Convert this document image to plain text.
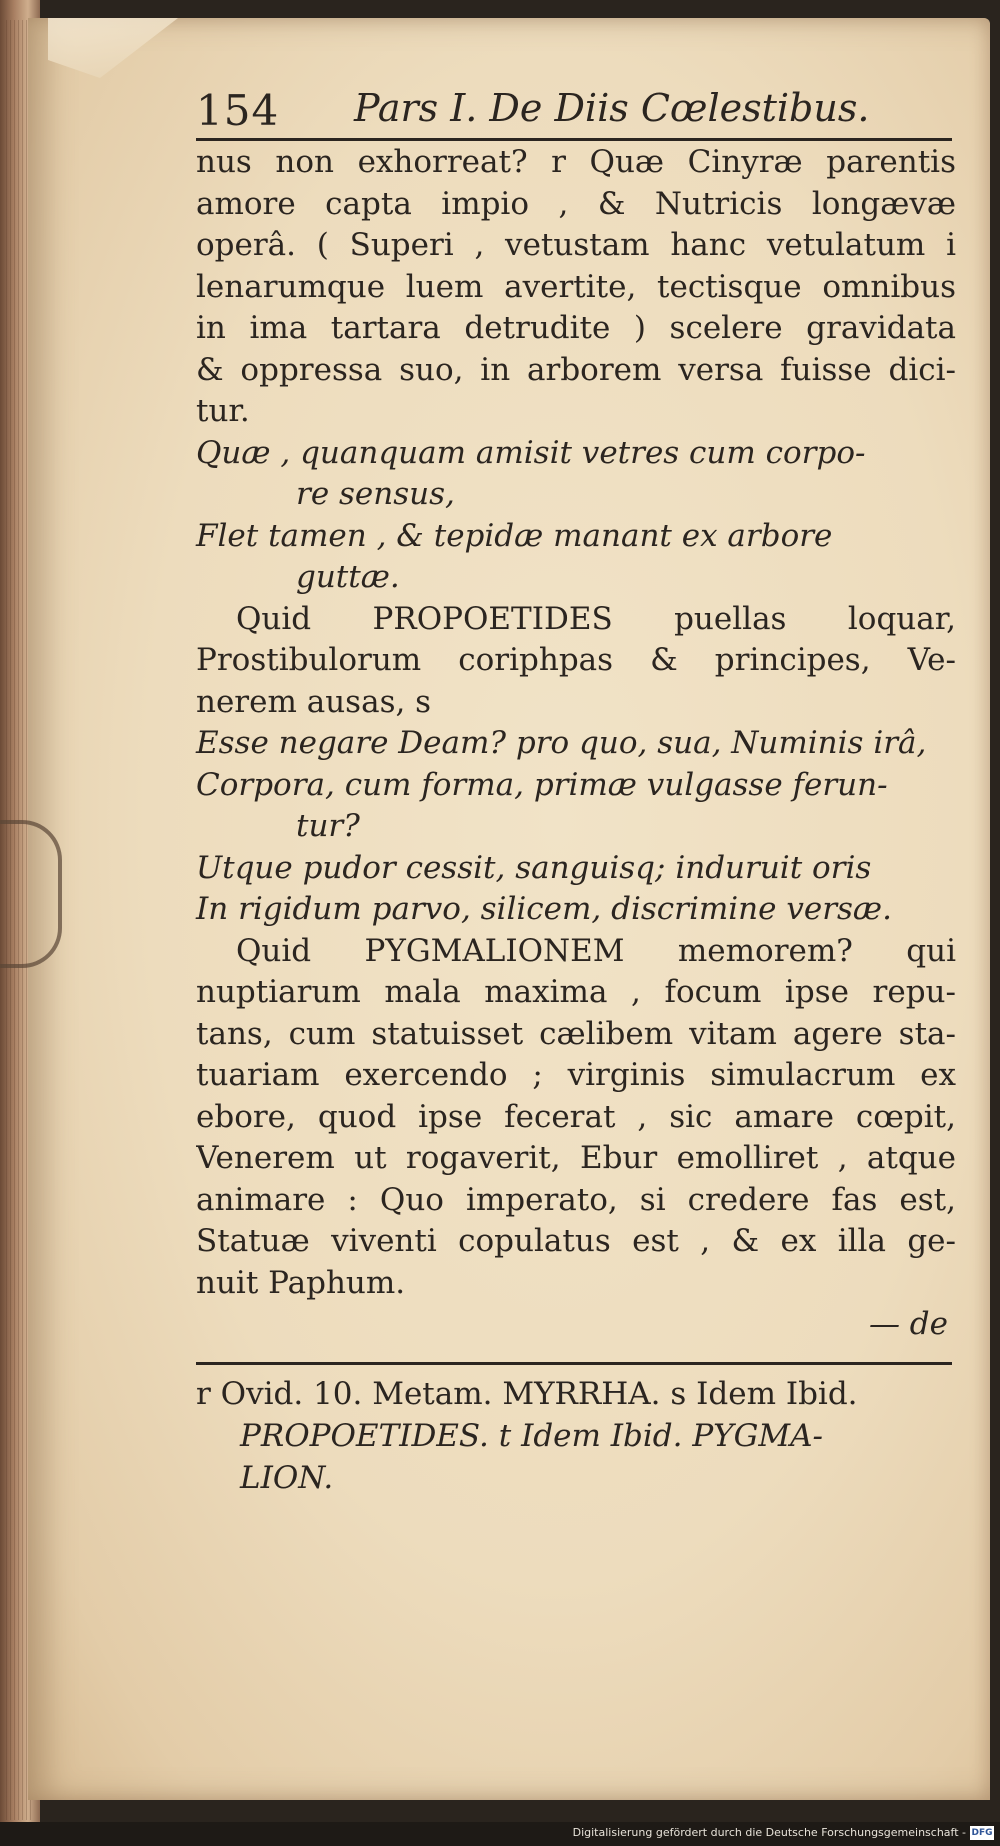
154 Pars I. De Diis Cœlestibus.
nus non exhorreat? r Quæ Cinyræ parentis
amore capta impio , & Nutricis longævæ
operâ. ( Superi , vetustam hanc vetulatum i
lenarumque luem avertite, tectisque omnibus
in ima tartara detrudite ) scelere gravidata
& oppressa suo, in arborem versa fuisse dici-
tur.
Quæ , quanquam amisit vetres cum corpo-
re sensus,
Flet tamen , & tepidæ manant ex arbore
guttæ.
Quid PROPOETIDES puellas loquar,
Prostibulorum coriphpas & principes, Ve-
nerem ausas, s
Esse negare Deam? pro quo, sua, Numinis irâ,
Corpora, cum forma, primæ vulgasse ferun-
tur?
Utque pudor cessit, sanguisq; induruit oris
In rigidum parvo, silicem, discrimine versæ.
Quid PYGMALIONEM memorem? qui
nuptiarum mala maxima , focum ipse repu-
tans, cum statuisset cælibem vitam agere sta-
tuariam exercendo ; virginis simulacrum ex
ebore, quod ipse fecerat , sic amare cœpit,
Venerem ut rogaverit, Ebur emolliret , atque
animare : Quo imperato, si credere fas est,
Statuæ viventi copulatus est , & ex illa ge-
nuit Paphum.
— de
r Ovid. 10. Metam. MYRRHA. s Idem Ibid.
PROPOETIDES. t Idem Ibid. PYGMA-
LION.
Digitalisierung gefördert durch die Deutsche Forschungsgemeinschaft - DFG
